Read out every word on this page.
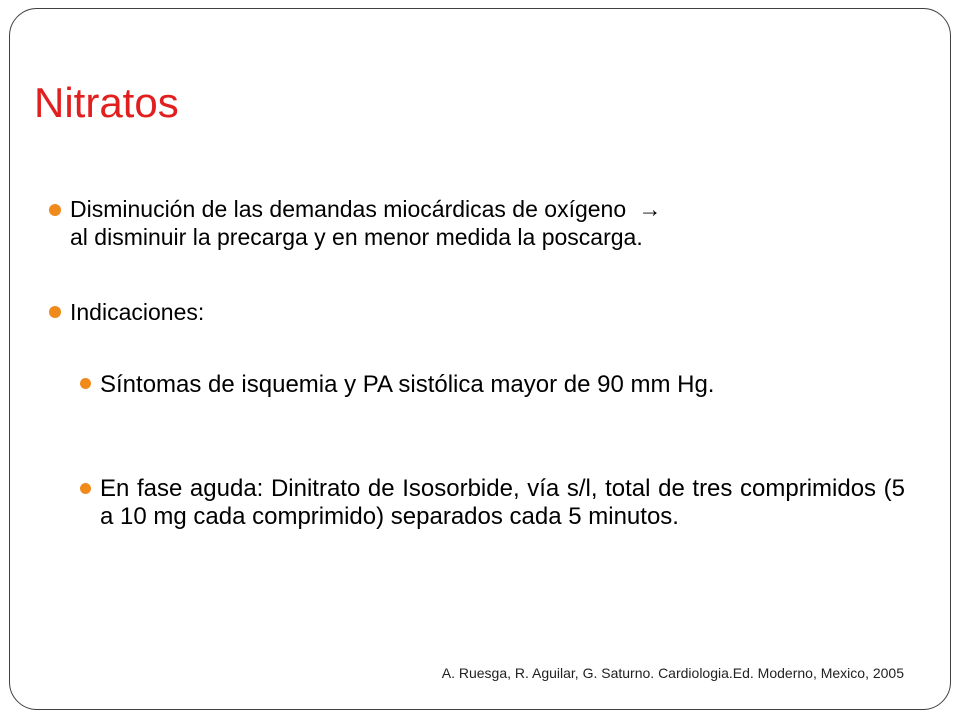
Nitratos
Disminución de las demandas miocárdicas de oxígeno →
al disminuir la precarga y en menor medida la poscarga.
Indicaciones:
Síntomas de isquemia y PA sistólica mayor de 90 mm Hg.
En fase aguda: Dinitrato de Isosorbide, vía s/l, total de tres comprimidos (5 a 10 mg cada comprimido) separados cada 5 minutos.
A. Ruesga, R. Aguilar, G. Saturno. Cardiologia.Ed. Moderno, Mexico, 2005
